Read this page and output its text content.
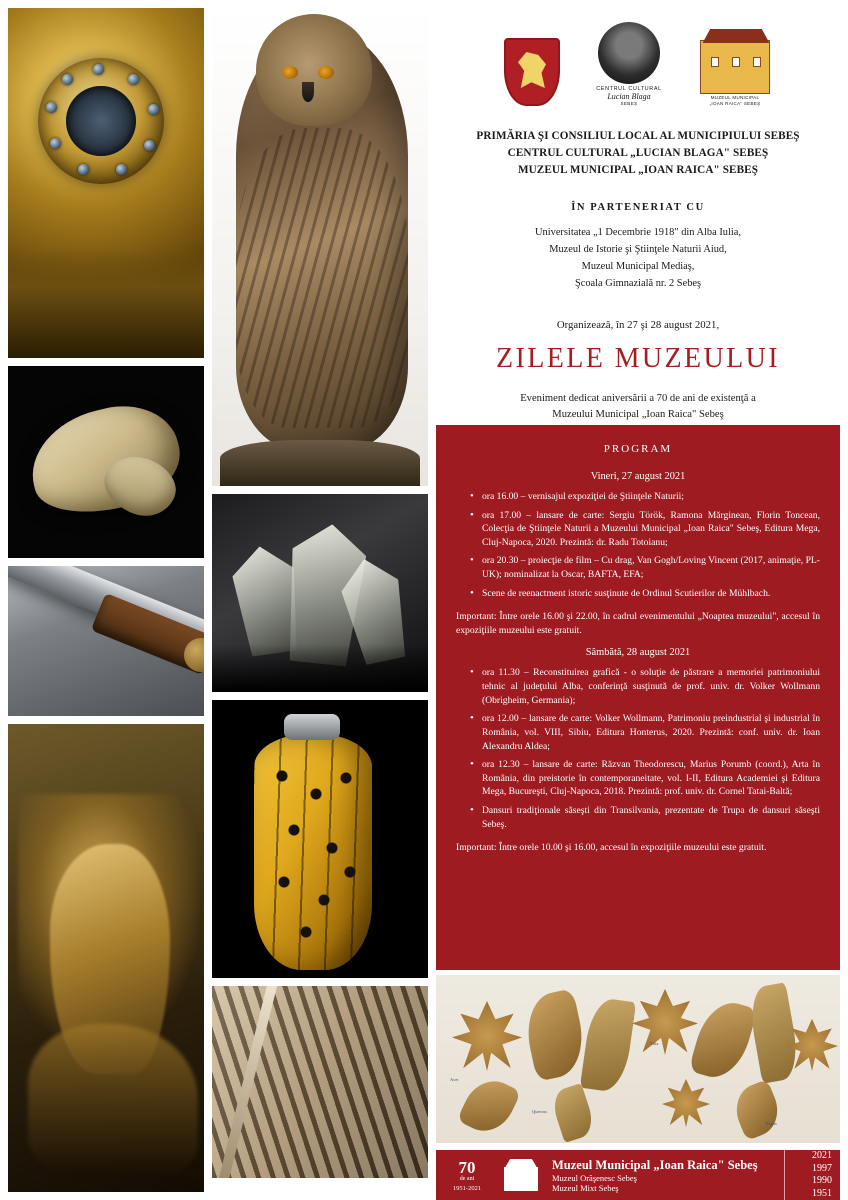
CENTRUL CULTURAL
Lucian Blaga
SEBEȘ
MUZEUL MUNICIPAL
„IOAN RAICA" SEBEȘ
PRIMĂRIA ŞI CONSILIUL LOCAL AL MUNICIPIULUI SEBEŞ
CENTRUL CULTURAL „LUCIAN BLAGA" SEBEŞ
MUZEUL MUNICIPAL „IOAN RAICA" SEBEŞ
ÎN PARTENERIAT CU
Universitatea „1 Decembrie 1918" din Alba Iulia,
Muzeul de Istorie şi Ştiinţele Naturii Aiud,
Muzeul Municipal Mediaş,
Şcoala Gimnazială nr. 2 Sebeş
Organizează, în 27 şi 28 august 2021,
ZILELE MUZEULUI
Eveniment dedicat aniversării a 70 de ani de existenţă a
Muzeului Municipal „Ioan Raica" Sebeş
PROGRAM
Vineri, 27 august 2021
• ora 16.00 – vernisajul expoziţiei de Ştiinţele Naturii;
• ora 17.00 – lansare de carte: Sergiu Török, Ramona Mărginean, Florin Toncean, Colecţia de Ştiinţele Naturii a Muzeului Municipal „Ioan Raica" Sebeş, Editura Mega, Cluj-Napoca, 2020. Prezintă: dr. Radu Totoianu;
• ora 20.30 – proiecţie de film – Cu drag, Van Gogh/Loving Vincent (2017, animaţie, PL-UK); nominalizat la Oscar, BAFTA, EFA;
• Scene de reenactment istoric susţinute de Ordinul Scutierilor de Mühlbach.
Important: Între orele 16.00 şi 22.00, în cadrul evenimentului „Noaptea muzeului", accesul în expoziţiile muzeului este gratuit.
Sâmbătă, 28 august 2021
• ora 11.30 – Reconstituirea grafică - o soluţie de păstrare a memoriei patrimoniului tehnic al judeţului Alba, conferinţă susţinută de prof. univ. dr. Volker Wollmann (Obrigheim, Germania);
• ora 12.00 – lansare de carte: Volker Wollmann, Patrimoniu preindustrial şi industrial în România, vol. VIII, Sibiu, Editura Honterus, 2020. Prezintă: conf. univ. dr. Ioan Alexandru Aldea;
• ora 12.30 – lansare de carte: Răzvan Theodorescu, Marius Porumb (coord.), Arta în România, din preistorie în contemporaneitate, vol. I-II, Editura Academiei şi Editura Mega, Bucureşti, Cluj-Napoca, 2018. Prezintă: prof. univ. dr. Cornel Tatai-Baltă;
• Dansuri tradiţionale săseşti din Transilvania, prezentate de Trupa de dansuri săseşti Sebeş.
Important: Între orele 10.00 şi 16.00, accesul în expoziţiile muzeului este gratuit.
Acer
Quercus
Tilia
Fagus
70
de ani
1951-2021
Muzeul Municipal „Ioan Raica" Sebeş
Muzeul Orăşenesc Sebeş
Muzeul Mixt Sebeş
2021
1997
1990
1951
